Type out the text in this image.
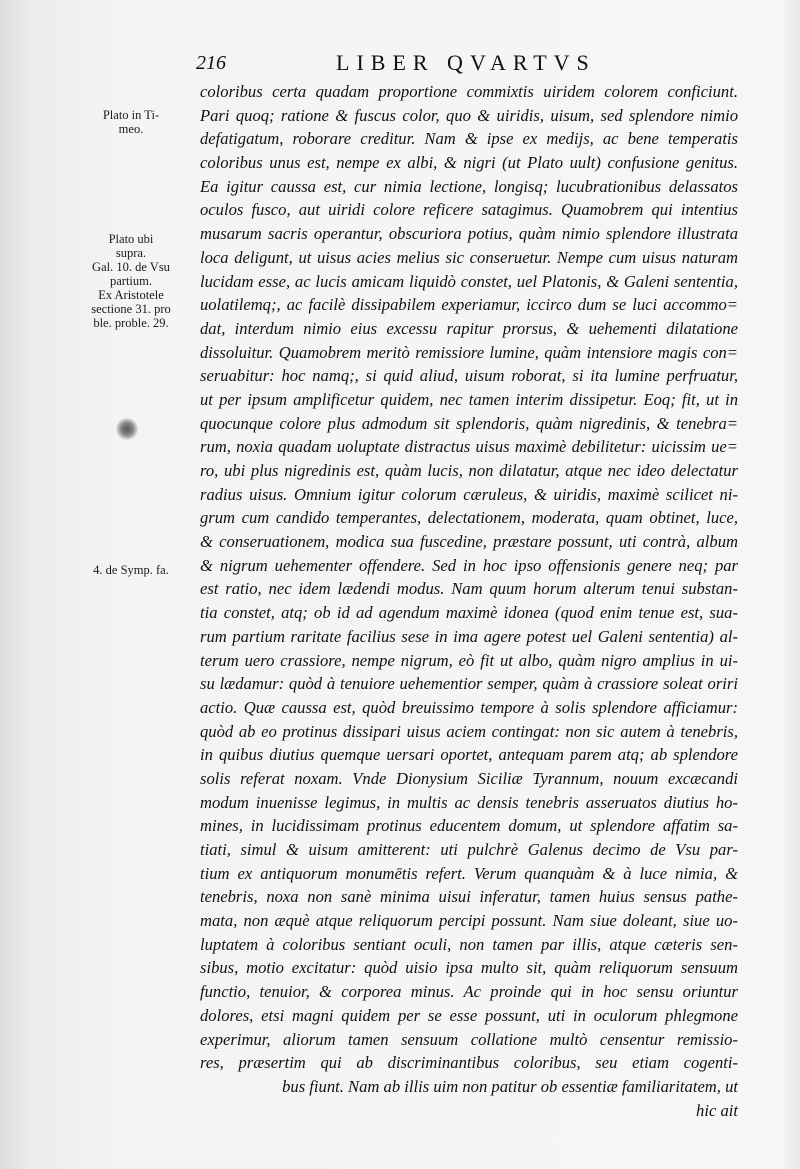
216	LIBER QVARTVS
Plato in Ti-
meo.
Plato ubi
supra.
Gal. 10. de Vsu
partium.
Ex Aristotele
sectione 31. pro
ble. proble. 29.
4. de Symp. fa.
coloribus certa quadam proportione commixtis uiridem colorem conficiunt.
Pari quoq; ratione & fuscus color, quo & uiridis, uisum, sed splendore nimio
defatigatum, roborare creditur. Nam & ipse ex medijs, ac bene temperatis
coloribus unus est, nempe ex albi, & nigri (ut Plato uult) confusione genitus.
Ea igitur caussa est, cur nimia lectione, longisq; lucubrationibus delassatos
oculos fusco, aut uiridi colore reficere satagimus. Quamobrem qui intentius
musarum sacris operantur, obscuriora potius, quàm nimio splendore illustrata
loca deligunt, ut uisus acies melius sic conseruetur. Nempe cum uisus naturam
lucidam esse, ac lucis amicam liquidò constet, uel Platonis, & Galeni sententia,
uolatilemq;, ac facilè dissipabilem experiamur, iccirco dum se luci accommo=
dat, interdum nimio eius excessu rapitur prorsus, & uehementi dilatatione
dissoluitur. Quamobrem meritò remissiore lumine, quàm intensiore magis con=
seruabitur: hoc namq;, si quid aliud, uisum roborat, si ita lumine perfruatur,
ut per ipsum amplificetur quidem, nec tamen interim dissipetur. Eoq; fit, ut in
quocunque colore plus admodum sit splendoris, quàm nigredinis, & tenebra=
rum, noxia quadam uoluptate distractus uisus maximè debilitetur: uicissim ue=
ro, ubi plus nigredinis est, quàm lucis, non dilatatur, atque nec ideo delectatur
radius uisus. Omnium igitur colorum cæruleus, & uiridis, maximè scilicet ni-
grum cum candido temperantes, delectationem, moderata, quam obtinet, luce,
& conseruationem, modica sua fuscedine, præstare possunt, uti contrà, album
& nigrum uehementer offendere. Sed in hoc ipso offensionis genere neq; par
est ratio, nec idem lædendi modus. Nam quum horum alterum tenui substan-
tia constet, atq; ob id ad agendum maximè idonea (quod enim tenue est, sua-
rum partium raritate facilius sese in ima agere potest uel Galeni sententia) al-
terum uero crassiore, nempe nigrum, eò fit ut albo, quàm nigro amplius in ui-
su lædamur: quòd à tenuiore uehementior semper, quàm à crassiore soleat oriri
actio. Quæ caussa est, quòd breuissimo tempore à solis splendore afficiamur:
quòd ab eo protinus dissipari uisus aciem contingat: non sic autem à tenebris,
in quibus diutius quemque uersari oportet, antequam parem atq; ab splendore
solis referat noxam. Vnde Dionysium Siciliæ Tyrannum, nouum excæcandi
modum inuenisse legimus, in multis ac densis tenebris asseruatos diutius ho-
mines, in lucidissimam protinus educentem domum, ut splendore affatim sa-
tiati, simul & uisum amitterent: uti pulchrè Galenus decimo de Vsu par-
tium ex antiquorum monumētis refert. Verum quanquàm & à luce nimia, &
tenebris, noxa non sanè minima uisui inferatur, tamen huius sensus pathe-
mata, non æquè atque reliquorum percipi possunt. Nam siue doleant, siue uo-
luptatem à coloribus sentiant oculi, non tamen par illis, atque cæteris sen-
sibus, motio excitatur: quòd uisio ipsa multo sit, quàm reliquorum sensuum
functio, tenuior, & corporea minus. Ac proinde qui in hoc sensu oriuntur
dolores, etsi magni quidem per se esse possunt, uti in oculorum phlegmone
experimur, aliorum tamen sensuum collatione multò censentur remissio-
res, præsertim qui ab discriminantibus coloribus, seu etiam cogenti-
bus fiunt. Nam ab illis uim non patitur ob essentiæ familiaritatem, ut
hic ait
